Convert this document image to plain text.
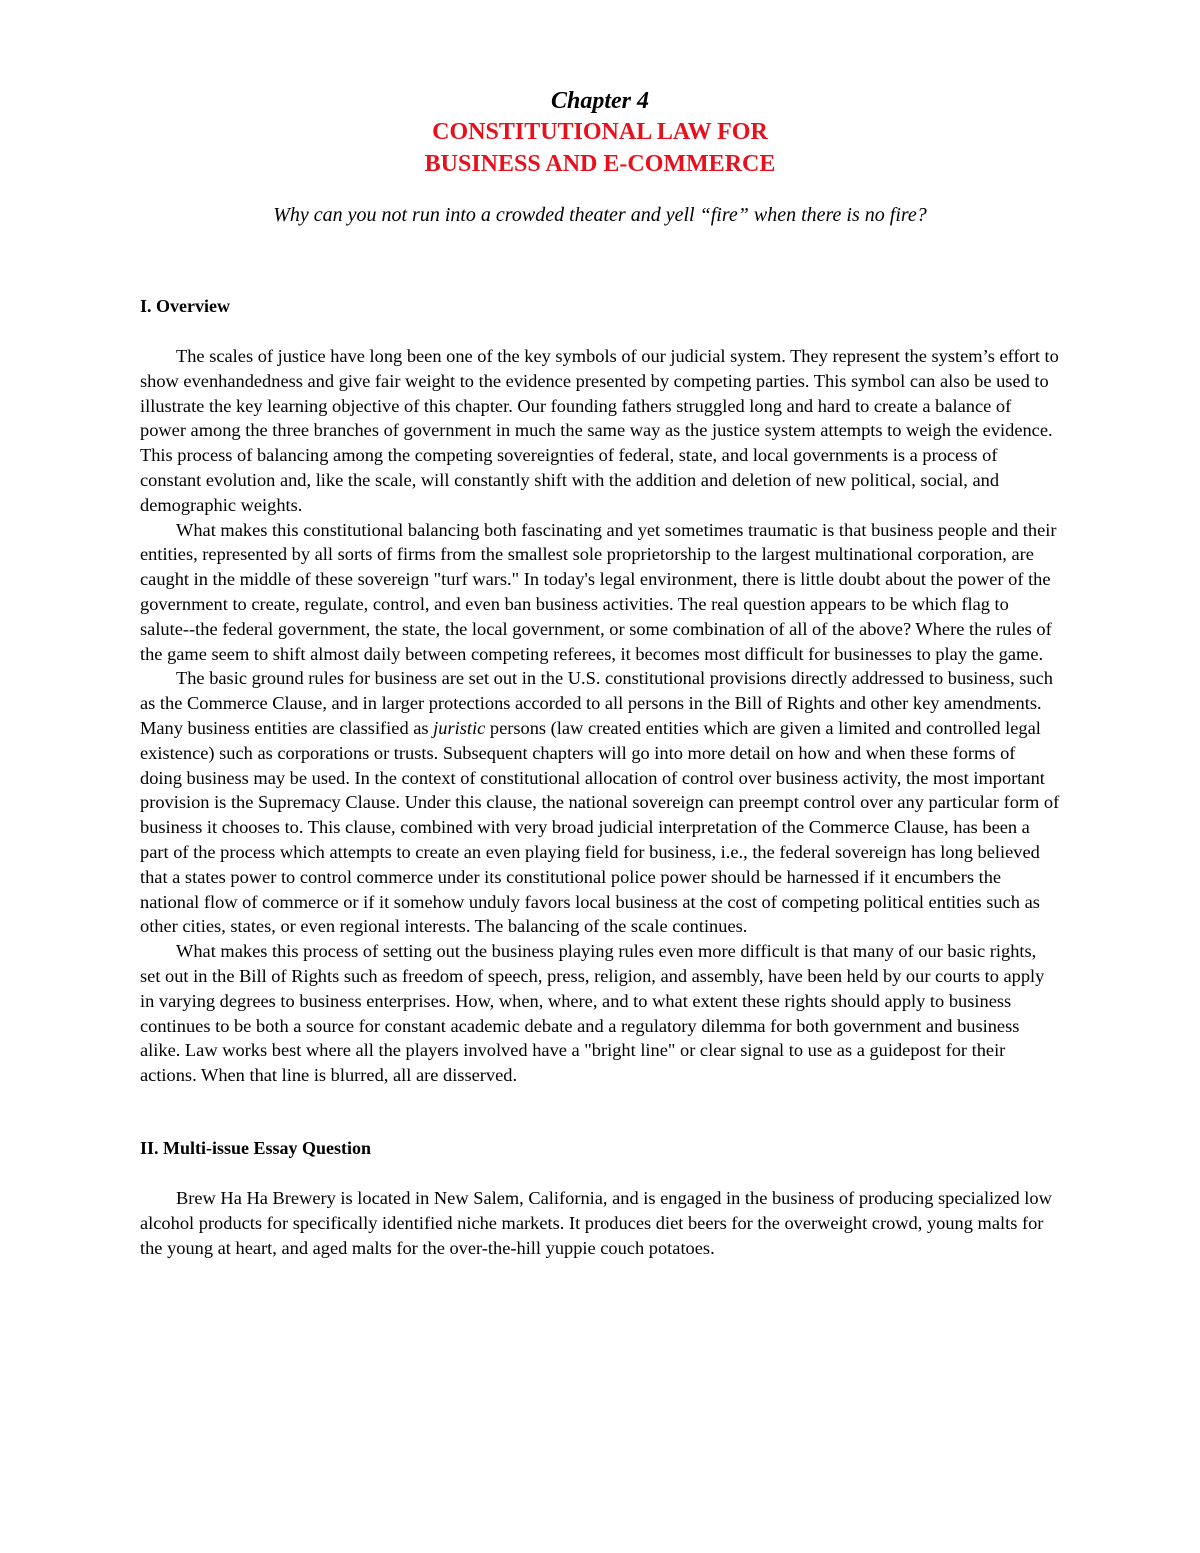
Chapter 4

CONSTITUTIONAL LAW FOR

BUSINESS AND E-COMMERCE

Why can you not run into a crowded theater and yell “fire” when there is no fire?

I. Overview

The scales of justice have long been one of the key symbols of our judicial system. They represent the system’s effort to show evenhandedness and give fair weight to the evidence presented by competing parties. This symbol can also be used to illustrate the key learning objective of this chapter. Our founding fathers struggled long and hard to create a balance of power among the three branches of government in much the same way as the justice system attempts to weigh the evidence. This process of balancing among the competing sovereignties of federal, state, and local governments is a process of constant evolution and, like the scale, will constantly shift with the addition and deletion of new political, social, and demographic weights.

What makes this constitutional balancing both fascinating and yet sometimes traumatic is that business people and their entities, represented by all sorts of firms from the smallest sole proprietorship to the largest multinational corporation, are caught in the middle of these sovereign "turf wars." In today's legal environment, there is little doubt about the power of the government to create, regulate, control, and even ban business activities. The real question appears to be which flag to salute--the federal government, the state, the local government, or some combination of all of the above? Where the rules of the game seem to shift almost daily between competing referees, it becomes most difficult for businesses to play the game.

The basic ground rules for business are set out in the U.S. constitutional provisions directly addressed to business, such as the Commerce Clause, and in larger protections accorded to all persons in the Bill of Rights and other key amendments. Many business entities are classified as juristic persons (law created entities which are given a limited and controlled legal existence) such as corporations or trusts. Subsequent chapters will go into more detail on how and when these forms of doing business may be used. In the context of constitutional allocation of control over business activity, the most important provision is the Supremacy Clause. Under this clause, the national sovereign can preempt control over any particular form of business it chooses to. This clause, combined with very broad judicial interpretation of the Commerce Clause, has been a part of the process which attempts to create an even playing field for business, i.e., the federal sovereign has long believed that a states power to control commerce under its constitutional police power should be harnessed if it encumbers the national flow of commerce or if it somehow unduly favors local business at the cost of competing political entities such as other cities, states, or even regional interests. The balancing of the scale continues.

What makes this process of setting out the business playing rules even more difficult is that many of our basic rights, set out in the Bill of Rights such as freedom of speech, press, religion, and assembly, have been held by our courts to apply in varying degrees to business enterprises. How, when, where, and to what extent these rights should apply to business continues to be both a source for constant academic debate and a regulatory dilemma for both government and business alike. Law works best where all the players involved have a "bright line" or clear signal to use as a guidepost for their actions. When that line is blurred, all are disserved.

II. Multi-issue Essay Question

Brew Ha Ha Brewery is located in New Salem, California, and is engaged in the business of producing specialized low alcohol products for specifically identified niche markets. It produces diet beers for the overweight crowd, young malts for the young at heart, and aged malts for the over-the-hill yuppie couch potatoes.
